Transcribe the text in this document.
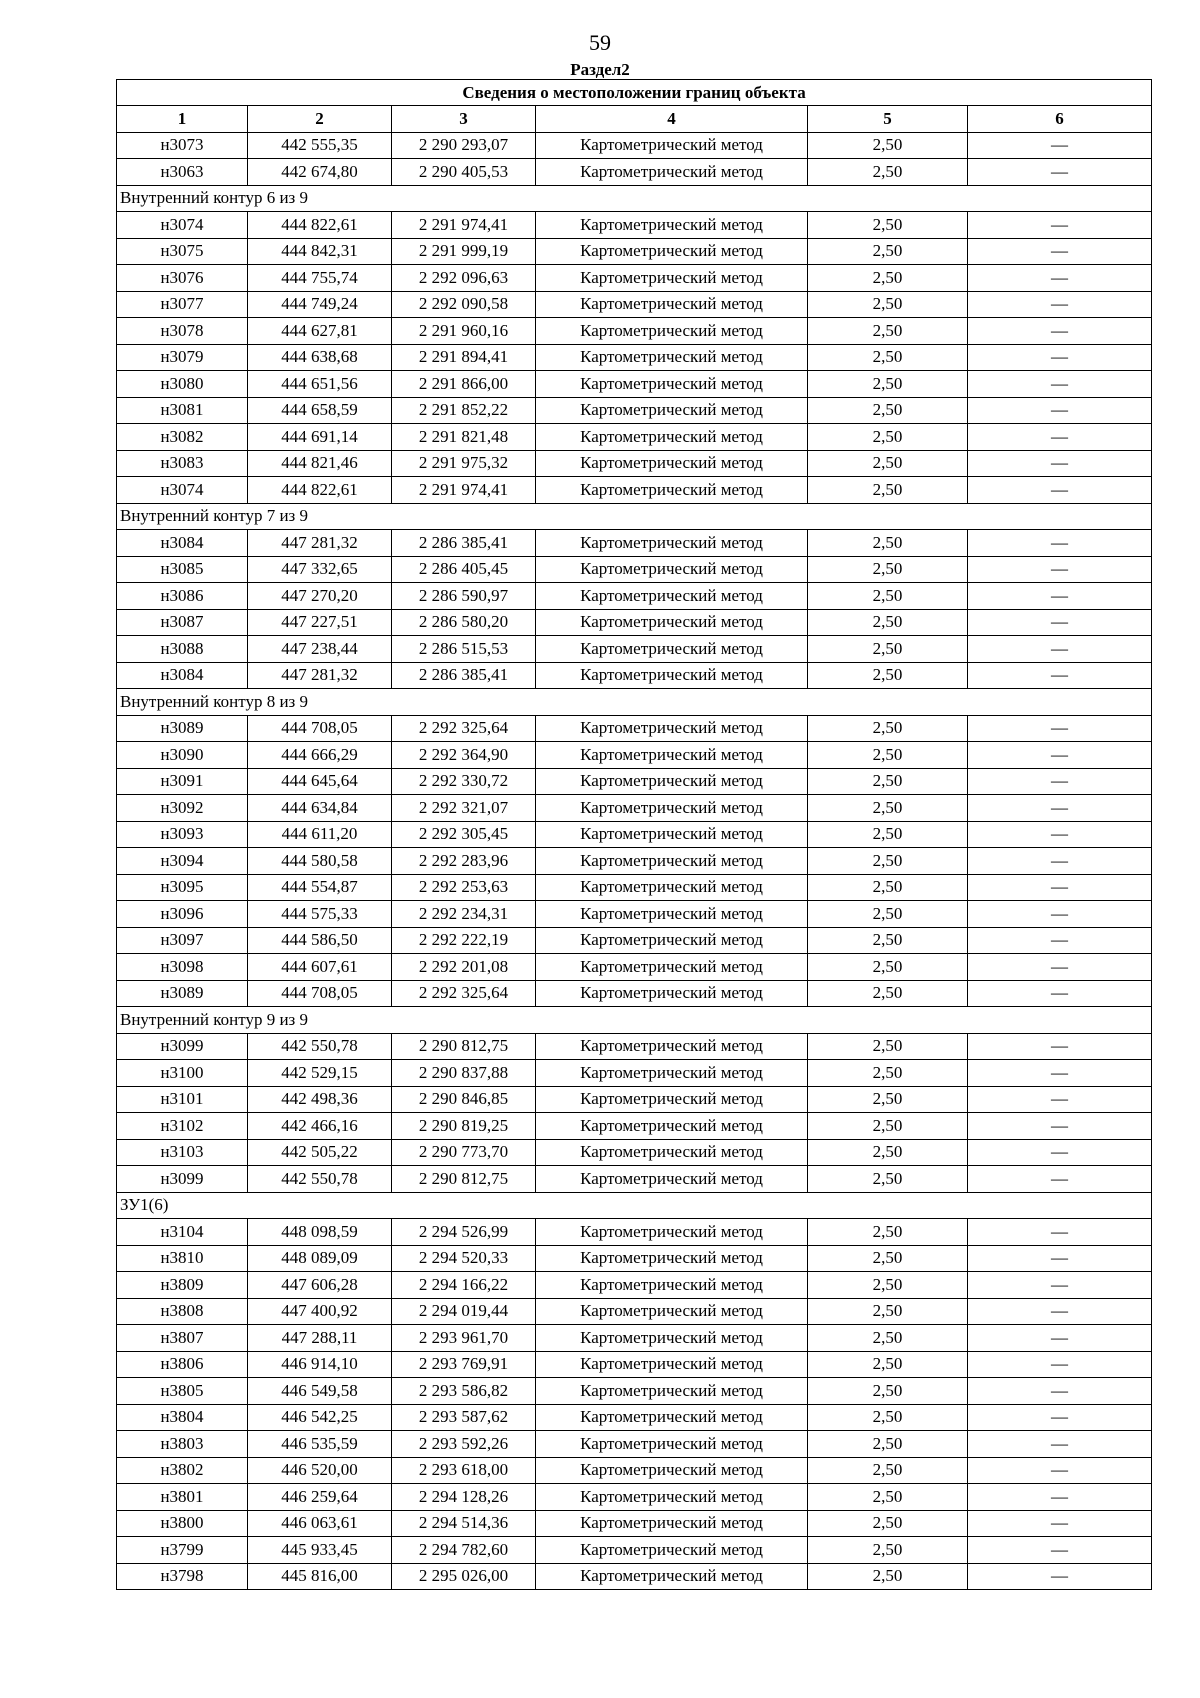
59
Раздел2
Сведения о местоположении границ объекта					
1	2	3	4	5	6
н3073	442 555,35	2 290 293,07	Картометрический метод	2,50	—
н3063	442 674,80	2 290 405,53	Картометрический метод	2,50	—
Внутренний контур 6 из 9					
н3074	444 822,61	2 291 974,41	Картометрический метод	2,50	—
н3075	444 842,31	2 291 999,19	Картометрический метод	2,50	—
н3076	444 755,74	2 292 096,63	Картометрический метод	2,50	—
н3077	444 749,24	2 292 090,58	Картометрический метод	2,50	—
н3078	444 627,81	2 291 960,16	Картометрический метод	2,50	—
н3079	444 638,68	2 291 894,41	Картометрический метод	2,50	—
н3080	444 651,56	2 291 866,00	Картометрический метод	2,50	—
н3081	444 658,59	2 291 852,22	Картометрический метод	2,50	—
н3082	444 691,14	2 291 821,48	Картометрический метод	2,50	—
н3083	444 821,46	2 291 975,32	Картометрический метод	2,50	—
н3074	444 822,61	2 291 974,41	Картометрический метод	2,50	—
Внутренний контур 7 из 9					
н3084	447 281,32	2 286 385,41	Картометрический метод	2,50	—
н3085	447 332,65	2 286 405,45	Картометрический метод	2,50	—
н3086	447 270,20	2 286 590,97	Картометрический метод	2,50	—
н3087	447 227,51	2 286 580,20	Картометрический метод	2,50	—
н3088	447 238,44	2 286 515,53	Картометрический метод	2,50	—
н3084	447 281,32	2 286 385,41	Картометрический метод	2,50	—
Внутренний контур 8 из 9					
н3089	444 708,05	2 292 325,64	Картометрический метод	2,50	—
н3090	444 666,29	2 292 364,90	Картометрический метод	2,50	—
н3091	444 645,64	2 292 330,72	Картометрический метод	2,50	—
н3092	444 634,84	2 292 321,07	Картометрический метод	2,50	—
н3093	444 611,20	2 292 305,45	Картометрический метод	2,50	—
н3094	444 580,58	2 292 283,96	Картометрический метод	2,50	—
н3095	444 554,87	2 292 253,63	Картометрический метод	2,50	—
н3096	444 575,33	2 292 234,31	Картометрический метод	2,50	—
н3097	444 586,50	2 292 222,19	Картометрический метод	2,50	—
н3098	444 607,61	2 292 201,08	Картометрический метод	2,50	—
н3089	444 708,05	2 292 325,64	Картометрический метод	2,50	—
Внутренний контур 9 из 9					
н3099	442 550,78	2 290 812,75	Картометрический метод	2,50	—
н3100	442 529,15	2 290 837,88	Картометрический метод	2,50	—
н3101	442 498,36	2 290 846,85	Картометрический метод	2,50	—
н3102	442 466,16	2 290 819,25	Картометрический метод	2,50	—
н3103	442 505,22	2 290 773,70	Картометрический метод	2,50	—
н3099	442 550,78	2 290 812,75	Картометрический метод	2,50	—
ЗУ1(6)					
н3104	448 098,59	2 294 526,99	Картометрический метод	2,50	—
н3810	448 089,09	2 294 520,33	Картометрический метод	2,50	—
н3809	447 606,28	2 294 166,22	Картометрический метод	2,50	—
н3808	447 400,92	2 294 019,44	Картометрический метод	2,50	—
н3807	447 288,11	2 293 961,70	Картометрический метод	2,50	—
н3806	446 914,10	2 293 769,91	Картометрический метод	2,50	—
н3805	446 549,58	2 293 586,82	Картометрический метод	2,50	—
н3804	446 542,25	2 293 587,62	Картометрический метод	2,50	—
н3803	446 535,59	2 293 592,26	Картометрический метод	2,50	—
н3802	446 520,00	2 293 618,00	Картометрический метод	2,50	—
н3801	446 259,64	2 294 128,26	Картометрический метод	2,50	—
н3800	446 063,61	2 294 514,36	Картометрический метод	2,50	—
н3799	445 933,45	2 294 782,60	Картометрический метод	2,50	—
н3798	445 816,00	2 295 026,00	Картометрический метод	2,50	—
